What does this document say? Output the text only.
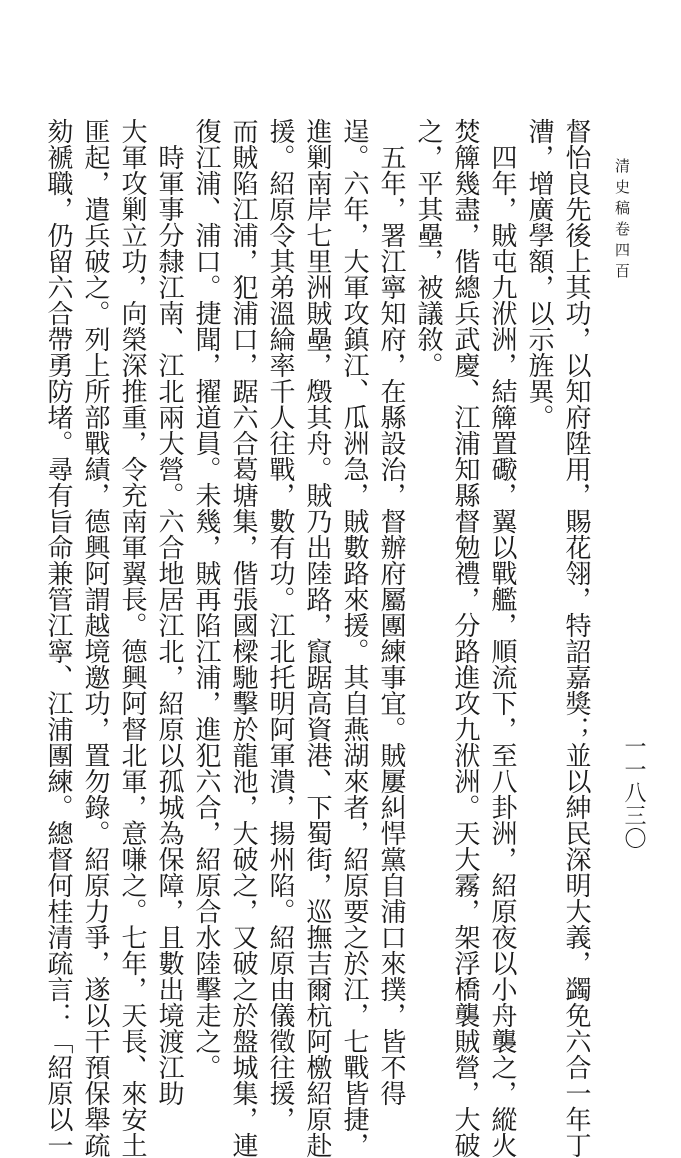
清史稿卷四百
一一八三〇
督怡良先後上其功，以知府陞用，賜花翎，特詔嘉獎；並以紳民深明大義，蠲免六合一年丁
漕，增廣學額，以示旌異。
四年，賊屯九洑洲，結簰置礮，翼以戰艦，順流下，至八卦洲，紹原夜以小舟襲之，縱火
焚簰幾盡，偕總兵武慶、江浦知縣督勉禮，分路進攻九洑洲。天大霧，架浮橋襲賊營，大破
之，平其壘，被議敘。
五年，署江寧知府，在縣設治，督辦府屬團練事宜。賊屢糾悍黨自浦口來撲，皆不得
逞。六年，大軍攻鎮江、瓜洲急，賊數路來援。其自燕湖來者，紹原要之於江，七戰皆捷，
進剿南岸七里洲賊壘，燬其舟。賊乃出陸路，竄踞高資港、下蜀街，巡撫吉爾杭阿檄紹原赴
援。紹原令其弟溫綸率千人往戰，數有功。江北托明阿軍潰，揚州陷。紹原由儀徵往援，
而賊陷江浦，犯浦口，踞六合葛塘集，偕張國樑馳擊於龍池，大破之，又破之於盤城集，連
復江浦、浦口。捷聞，擢道員。未幾，賊再陷江浦，進犯六合，紹原合水陸擊走之。
時軍事分隸江南、江北兩大營。六合地居江北，紹原以孤城為保障，且數出境渡江助
大軍攻剿立功，向榮深推重，令充南軍翼長。德興阿督北軍，意嗛之。七年，天長、來安土
匪起，遣兵破之。列上所部戰績，德興阿謂越境邀功，置勿錄。紹原力爭，遂以干預保舉疏
劾褫職，仍留六合帶勇防堵。尋有旨命兼管江寧、江浦團練。總督何桂清疏言：「紹原以一
